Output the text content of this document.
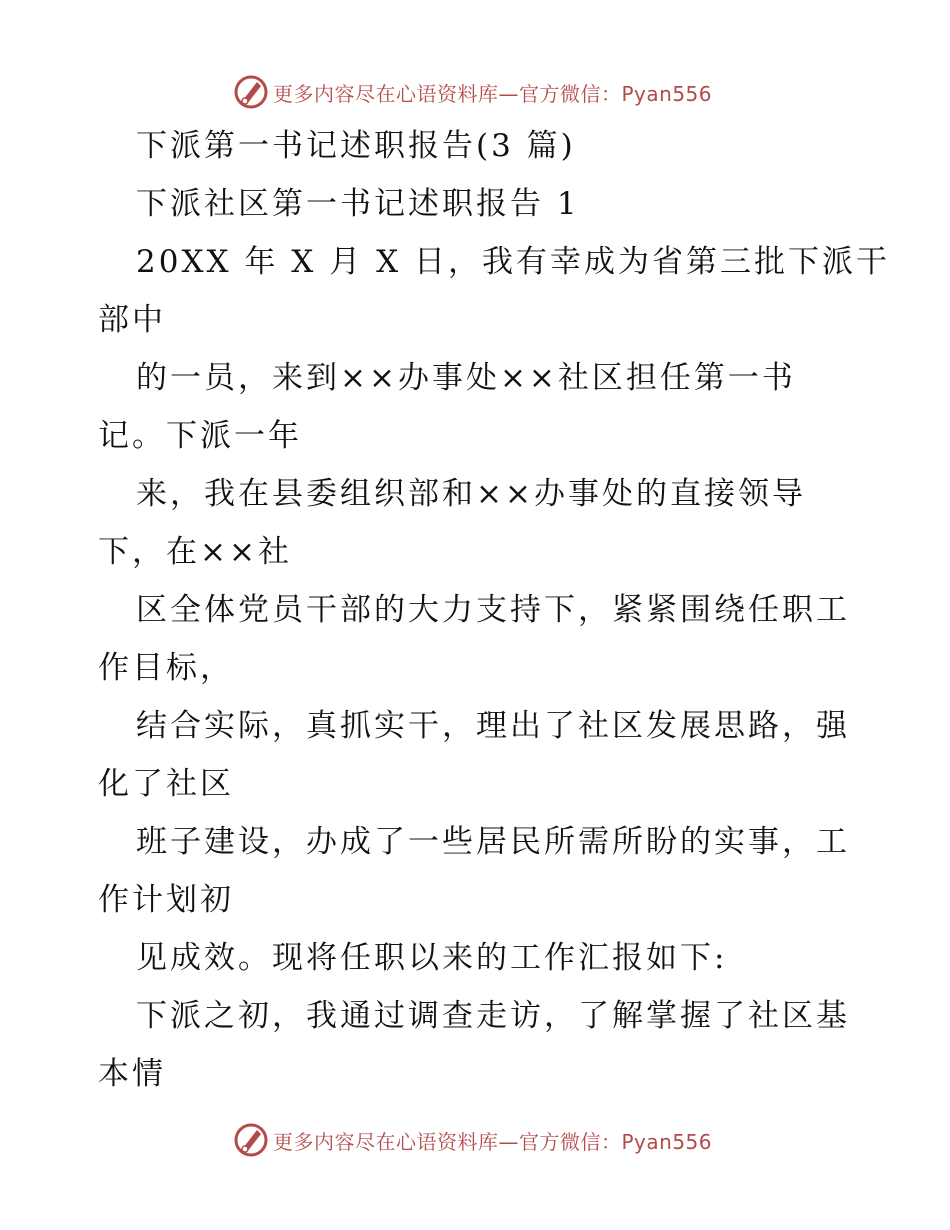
更多内容尽在心语资料库—官方微信：Pyan556
下派第一书记述职报告(3 篇)
下派社区第一书记述职报告 1
20XX 年 X 月 X 日，我有幸成为省第三批下派干
部中
的一员，来到××办事处××社区担任第一书
记。下派一年
来，我在县委组织部和××办事处的直接领导
下，在××社
区全体党员干部的大力支持下，紧紧围绕任职工
作目标，
结合实际，真抓实干，理出了社区发展思路，强
化了社区
班子建设，办成了一些居民所需所盼的实事，工
作计划初
见成效。现将任职以来的工作汇报如下:
下派之初，我通过调查走访，了解掌握了社区基
本情
更多内容尽在心语资料库—官方微信：Pyan556
